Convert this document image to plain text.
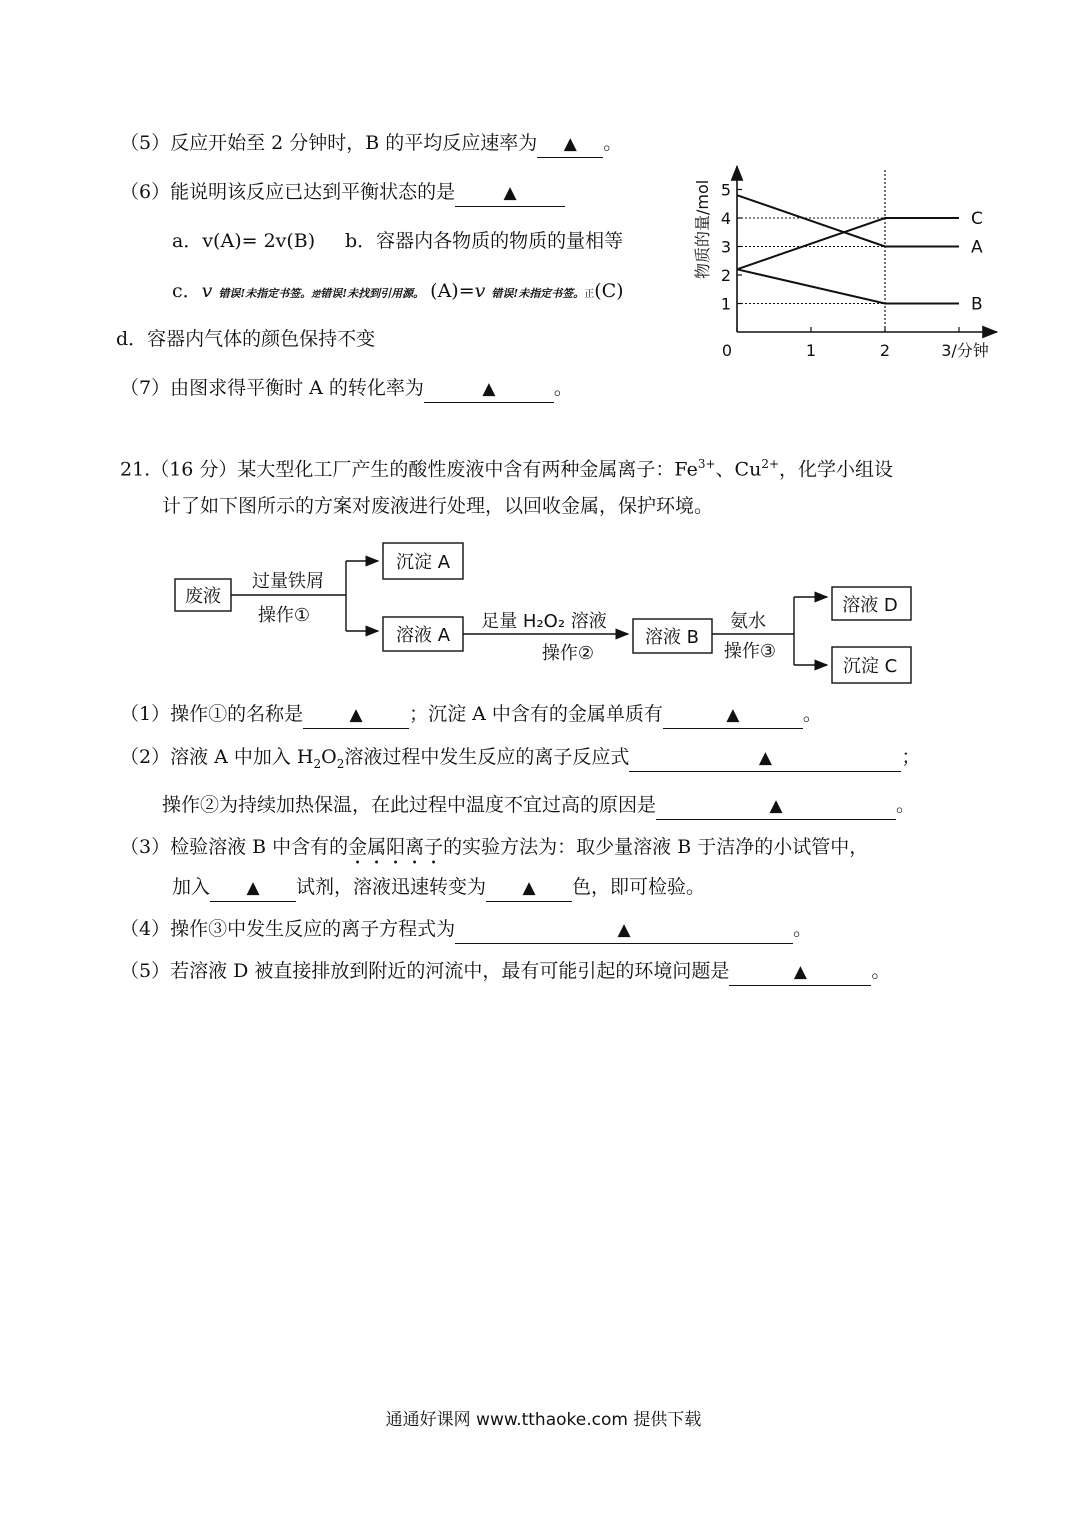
（5）反应开始至 2 分钟时，B 的平均反应速率为 ▲ 。
（6）能说明该反应已达到平衡状态的是	▲
a．v(A)= 2v(B) b．容器内各物质的物质的量相等
c．v 错误!未指定书签。逆错误!未找到引用源。 (A)=v 错误!未指定书签。正(C)
d．容器内气体的颜色保持不变
（7）由图求得平衡时 A 的转化率为	▲	。
1
2
3
4
5
0	1	2	3/分钟
物质的量/mol	A
B
C
21.（16 分）某大型化工厂产生的酸性废液中含有两种金属离子：$Fe^{3+}$、$Cu^{2+}$，化学小组设
计了如下图所示的方案对废液进行处理，以回收金属，保护环境。
废液
过量铁屑
操作①
沉淀 A
溶液 A
足量 H₂O₂ 溶液
操作②
溶液 B
氨水
操作③
溶液 D
沉淀 C
（1）操作①的名称是	▲ ；沉淀 A 中含有的金属单质有	▲	。
（2）溶液 A 中加入 $H_2O_2$溶液过程中发生反应的离子反应式	▲	；
操作②为持续加热保温，在此过程中温度不宜过高的原因是	▲	。
（3）检验溶液 B 中含有的金属阳离子的实验方法为：取少量溶液 B 于洁净的小试管中，
加入 ▲ 试剂，溶液迅速转变为 ▲ 色，即可检验。
（4）操作③中发生反应的离子方程式为	▲	。
（5）若溶液 D 被直接排放到附近的河流中，最有可能引起的环境问题是	▲	。
通通好课网 www.tthaoke.com 提供下载
